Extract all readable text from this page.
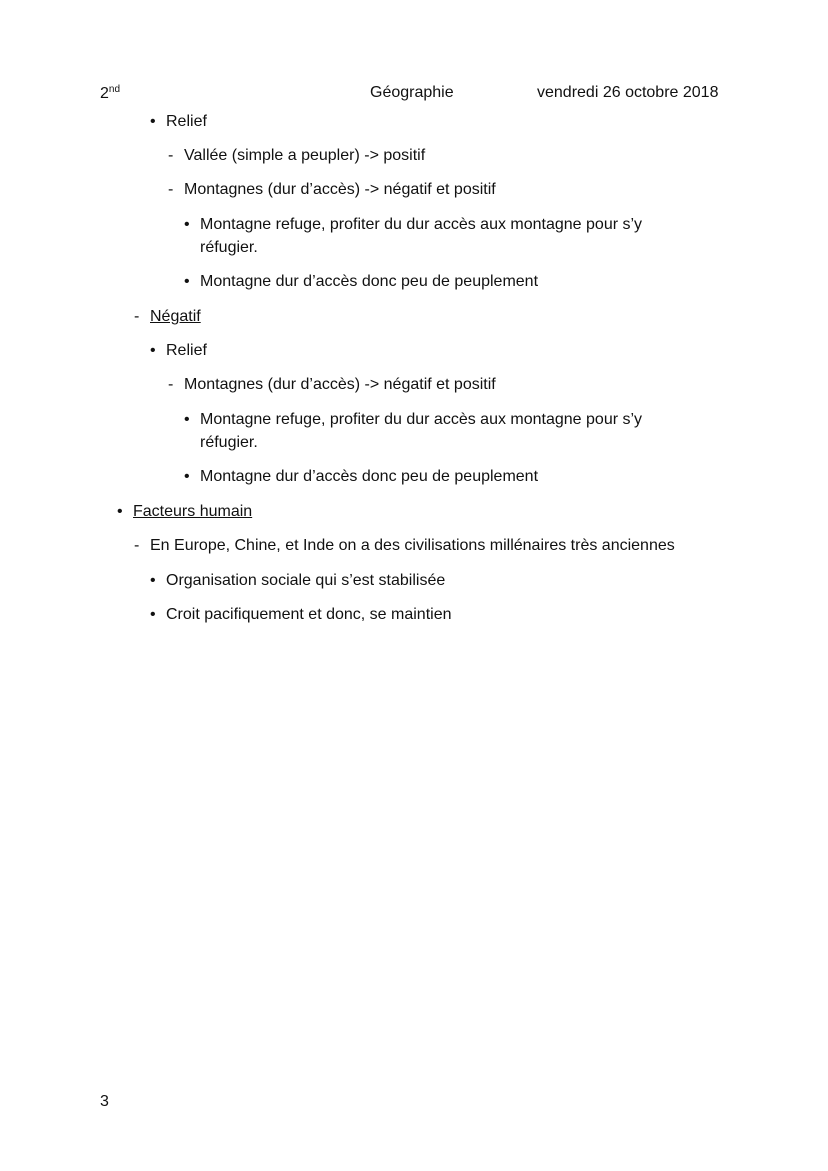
2nd	Géographie	vendredi 26 octobre 2018
• Relief
- Vallée (simple a peupler) -> positif
- Montagnes (dur d’accès) -> négatif et positif
• Montagne refuge, profiter du dur accès aux montagne pour s’y
réfugier.
• Montagne dur d’accès donc peu de peuplement
- Négatif
• Relief
- Montagnes (dur d’accès) -> négatif et positif
• Montagne refuge, profiter du dur accès aux montagne pour s’y
réfugier.
• Montagne dur d’accès donc peu de peuplement
• Facteurs humain
- En Europe, Chine, et Inde on a des civilisations millénaires très anciennes
• Organisation sociale qui s’est stabilisée
• Croit pacifiquement et donc, se maintien
3
